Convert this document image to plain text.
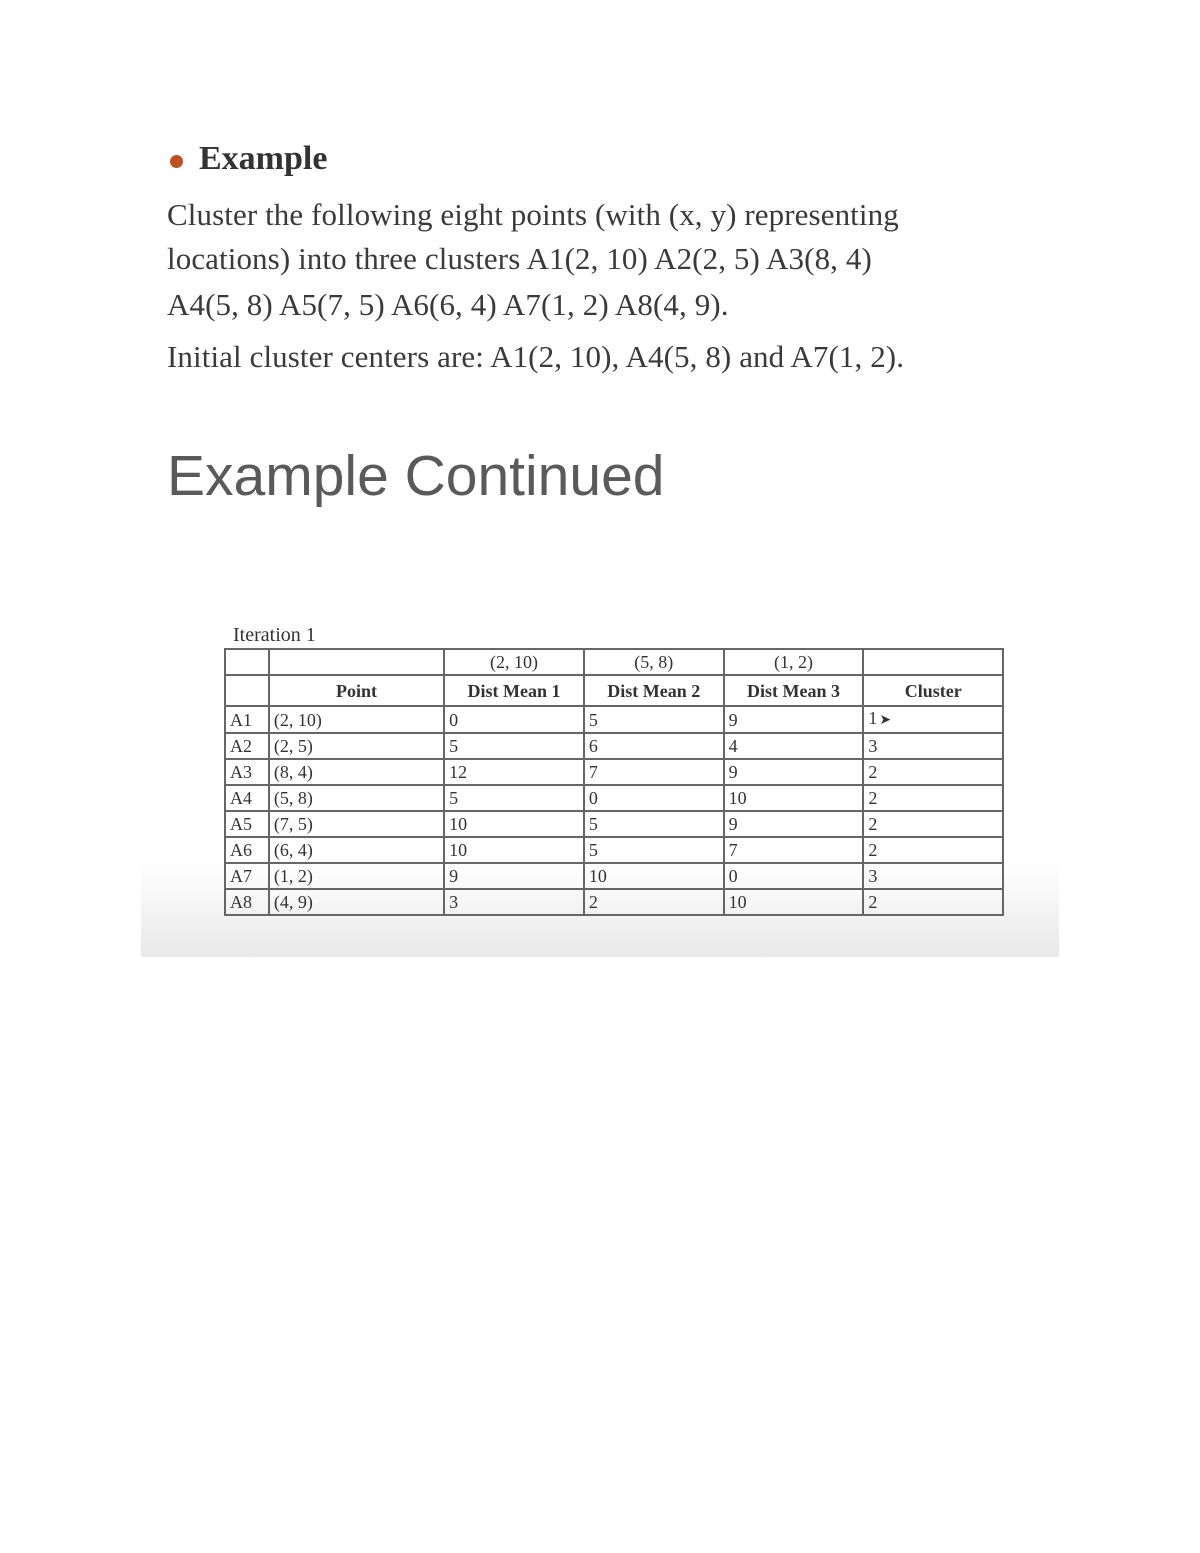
Example
Cluster the following eight points (with (x, y) representing
locations) into three clusters A1(2, 10) A2(2, 5) A3(8, 4)
A4(5, 8) A5(7, 5) A6(6, 4) A7(1, 2) A8(4, 9).
Initial cluster centers are: A1(2, 10), A4(5, 8) and A7(1, 2).
Example Continued
Iteration 1
		(2, 10)	(5, 8)	(1, 2)	
	Point	Dist Mean 1	Dist Mean 2	Dist Mean 3	Cluster
A1	(2, 10)	0	5	9	1 ➤
A2	(2, 5)	5	6	4	3
A3	(8, 4)	12	7	9	2
A4	(5, 8)	5	0	10	2
A5	(7, 5)	10	5	9	2
A6	(6, 4)	10	5	7	2
A7	(1, 2)	9	10	0	3
A8	(4, 9)	3	2	10	2
